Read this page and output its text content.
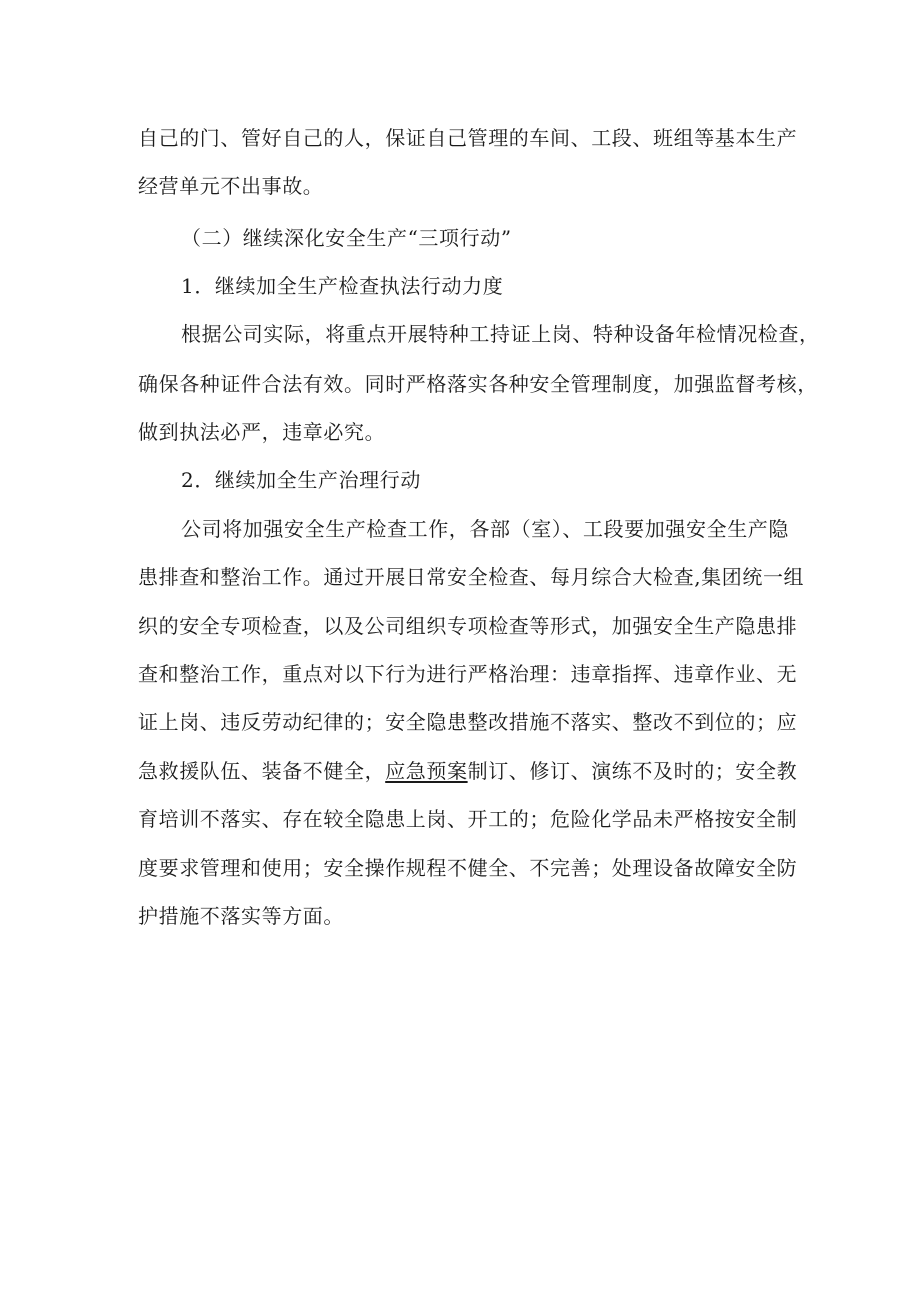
自己的门、管好自己的人，保证自己管理的车间、工段、班组等基本生产
经营单元不出事故。
（二）继续深化安全生产“三项行动”
1．继续加全生产检查执法行动力度
根据公司实际，将重点开展特种工持证上岗、特种设备年检情况检查，
确保各种证件合法有效。同时严格落实各种安全管理制度，加强监督考核，
做到执法必严，违章必究。
2．继续加全生产治理行动
公司将加强安全生产检查工作，各部（室）、工段要加强安全生产隐
患排查和整治工作。通过开展日常安全检查、每月综合大检查,集团统一组
织的安全专项检查，以及公司组织专项检查等形式，加强安全生产隐患排
查和整治工作，重点对以下行为进行严格治理：违章指挥、违章作业、无
证上岗、违反劳动纪律的；安全隐患整改措施不落实、整改不到位的；应
急救援队伍、装备不健全， 应急预案 制订、修订、演练不及时的；安全教
育培训不落实、存在较全隐患上岗、开工的；危险化学品未严格按安全制
度要求管理和使用；安全操作规程不健全、不完善；处理设备故障安全防
护措施不落实等方面。
